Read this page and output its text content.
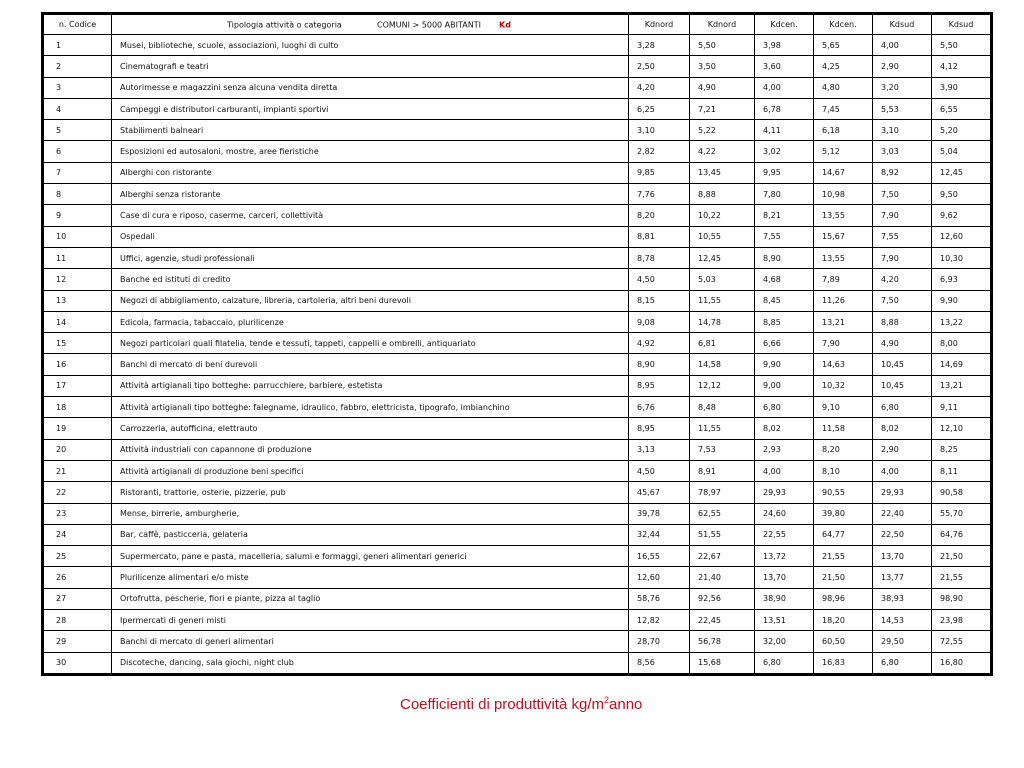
n. Codice	Tipologia attività o categoria COMUNI > 5000 ABITANTI Kd	Kdnord	Kdnord	Kdcen.	Kdcen.	Kdsud	Kdsud
1	Musei, biblioteche, scuole, associazioni, luoghi di culto	3,28	5,50	3,98	5,65	4,00	5,50
2	Cinematografi e teatri	2,50	3,50	3,60	4,25	2,90	4,12
3	Autorimesse e magazzini senza alcuna vendita diretta	4,20	4,90	4,00	4,80	3,20	3,90
4	Campeggi e distributori carburanti, impianti sportivi	6,25	7,21	6,78	7,45	5,53	6,55
5	Stabilimenti balneari	3,10	5,22	4,11	6,18	3,10	5,20
6	Esposizioni ed autosaloni, mostre, aree fieristiche	2,82	4,22	3,02	5,12	3,03	5,04
7	Alberghi con ristorante	9,85	13,45	9,95	14,67	8,92	12,45
8	Alberghi senza ristorante	7,76	8,88	7,80	10,98	7,50	9,50
9	Case di cura e riposo, caserme, carceri, collettività	8,20	10,22	8,21	13,55	7,90	9,62
10	Ospedali	8,81	10,55	7,55	15,67	7,55	12,60
11	Uffici, agenzie, studi professionali	8,78	12,45	8,90	13,55	7,90	10,30
12	Banche ed istituti di credito	4,50	5,03	4,68	7,89	4,20	6,93
13	Negozi di abbigliamento, calzature, libreria, cartoleria, altri beni durevoli	8,15	11,55	8,45	11,26	7,50	9,90
14	Edicola, farmacia, tabaccaio, plurilicenze	9,08	14,78	8,85	13,21	8,88	13,22
15	Negozi particolari quali filatelia, tende e tessuti, tappeti, cappelli e ombrelli, antiquariato	4,92	6,81	6,66	7,90	4,90	8,00
16	Banchi di mercato di beni durevoli	8,90	14,58	9,90	14,63	10,45	14,69
17	Attività artigianali tipo botteghe: parrucchiere, barbiere, estetista	8,95	12,12	9,00	10,32	10,45	13,21
18	Attività artigianali tipo botteghe: falegname, idraulico, fabbro, elettricista, tipografo, imbianchino	6,76	8,48	6,80	9,10	6,80	9,11
19	Carrozzeria, autofficina, elettrauto	8,95	11,55	8,02	11,58	8,02	12,10
20	Attività industriali con capannone di produzione	3,13	7,53	2,93	8,20	2,90	8,25
21	Attività artigianali di produzione beni specifici	4,50	8,91	4,00	8,10	4,00	8,11
22	Ristoranti, trattorie, osterie, pizzerie, pub	45,67	78,97	29,93	90,55	29,93	90,58
23	Mense, birrerie, amburgherie,	39,78	62,55	24,60	39,80	22,40	55,70
24	Bar, caffè, pasticceria, gelateria	32,44	51,55	22,55	64,77	22,50	64,76
25	Supermercato, pane e pasta, macelleria, salumi e formaggi, generi alimentari generici	16,55	22,67	13,72	21,55	13,70	21,50
26	Plurilicenze alimentari e/o miste	12,60	21,40	13,70	21,50	13,77	21,55
27	Ortofrutta, pescherie, fiori e piante, pizza al taglio	58,76	92,56	38,90	98,96	38,93	98,90
28	Ipermercati di generi misti	12,82	22,45	13,51	18,20	14,53	23,98
29	Banchi di mercato di generi alimentari	28,70	56,78	32,00	60,50	29,50	72,55
30	Discoteche, dancing, sala giochi, night club	8,56	15,68	6,80	16,83	6,80	16,80
Coefficienti di produttività $kg/m^2anno$
